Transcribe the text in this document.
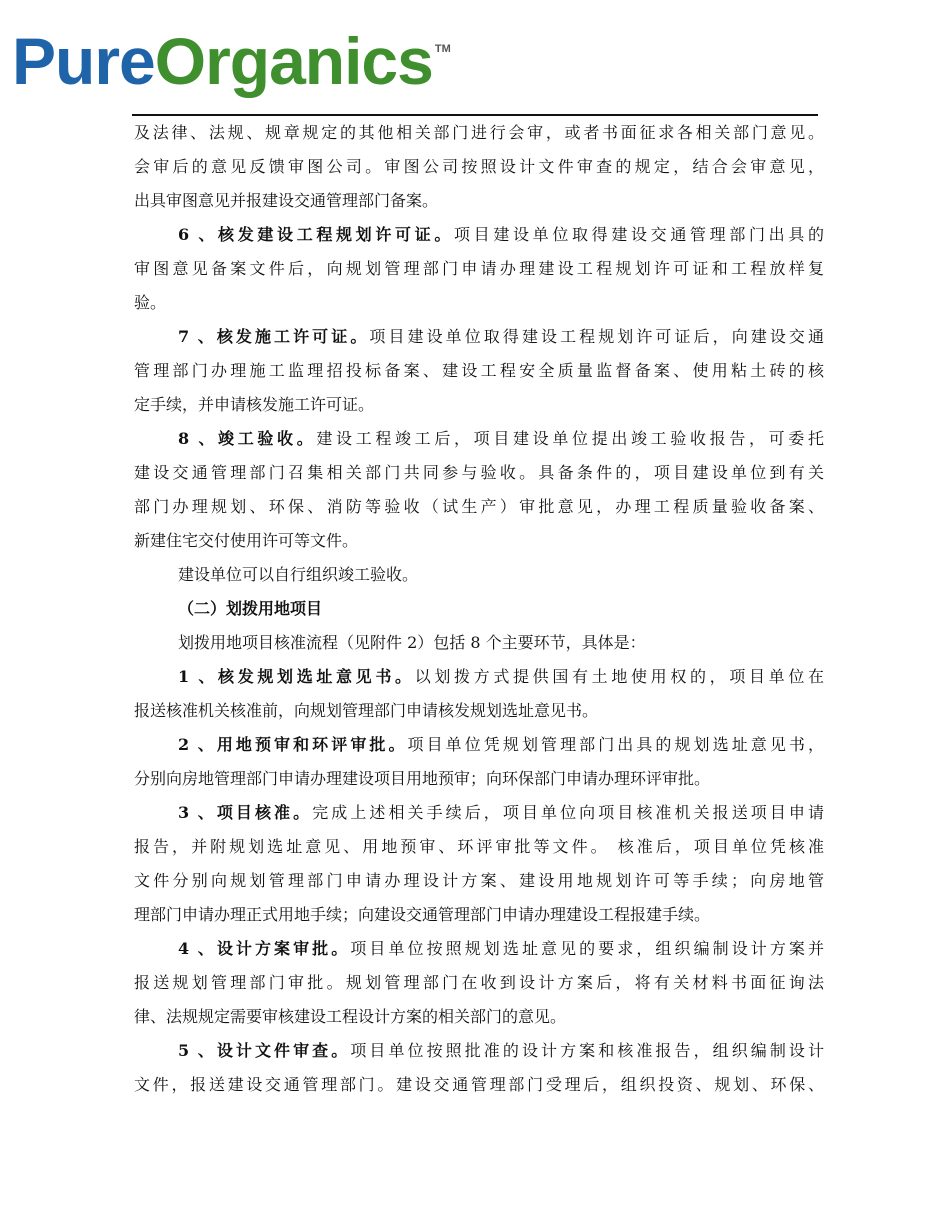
Pure Organics TM
及法律、法规、规章规定的其他相关部门进行会审，或者书面征求各相关部门意见。
会审后的意见反馈审图公司。审图公司按照设计文件审查的规定，结合会审意见，
出具审图意见并报建设交通管理部门备案。
6 、核发建设工程规划许可证。项目建设单位取得建设交通管理部门出具的
审图意见备案文件后，向规划管理部门申请办理建设工程规划许可证和工程放样复
验。
7 、核发施工许可证。项目建设单位取得建设工程规划许可证后，向建设交通
管理部门办理施工监理招投标备案、建设工程安全质量监督备案、使用粘土砖的核
定手续，并申请核发施工许可证。
8 、竣工验收。建设工程竣工后，项目建设单位提出竣工验收报告，可委托
建设交通管理部门召集相关部门共同参与验收。具备条件的，项目建设单位到有关
部门办理规划、环保、消防等验收（试生产）审批意见，办理工程质量验收备案、
新建住宅交付使用许可等文件。
建设单位可以自行组织竣工验收。
（二）划拨用地项目
划拨用地项目核准流程（见附件 2）包括 8 个主要环节，具体是：
1 、核发规划选址意见书。以划拨方式提供国有土地使用权的，项目单位在
报送核准机关核准前，向规划管理部门申请核发规划选址意见书。
2 、用地预审和环评审批。项目单位凭规划管理部门出具的规划选址意见书，
分别向房地管理部门申请办理建设项目用地预审；向环保部门申请办理环评审批。
3 、项目核准。完成上述相关手续后，项目单位向项目核准机关报送项目申请
报告，并附规划选址意见、用地预审、环评审批等文件。 核准后，项目单位凭核准
文件分别向规划管理部门申请办理设计方案、建设用地规划许可等手续；向房地管
理部门申请办理正式用地手续；向建设交通管理部门申请办理建设工程报建手续。
4 、设计方案审批。项目单位按照规划选址意见的要求，组织编制设计方案并
报送规划管理部门审批。规划管理部门在收到设计方案后，将有关材料书面征询法
律、法规规定需要审核建设工程设计方案的相关部门的意见。
5 、设计文件审查。项目单位按照批准的设计方案和核准报告，组织编制设计
文件，报送建设交通管理部门。建设交通管理部门受理后，组织投资、规划、环保、
